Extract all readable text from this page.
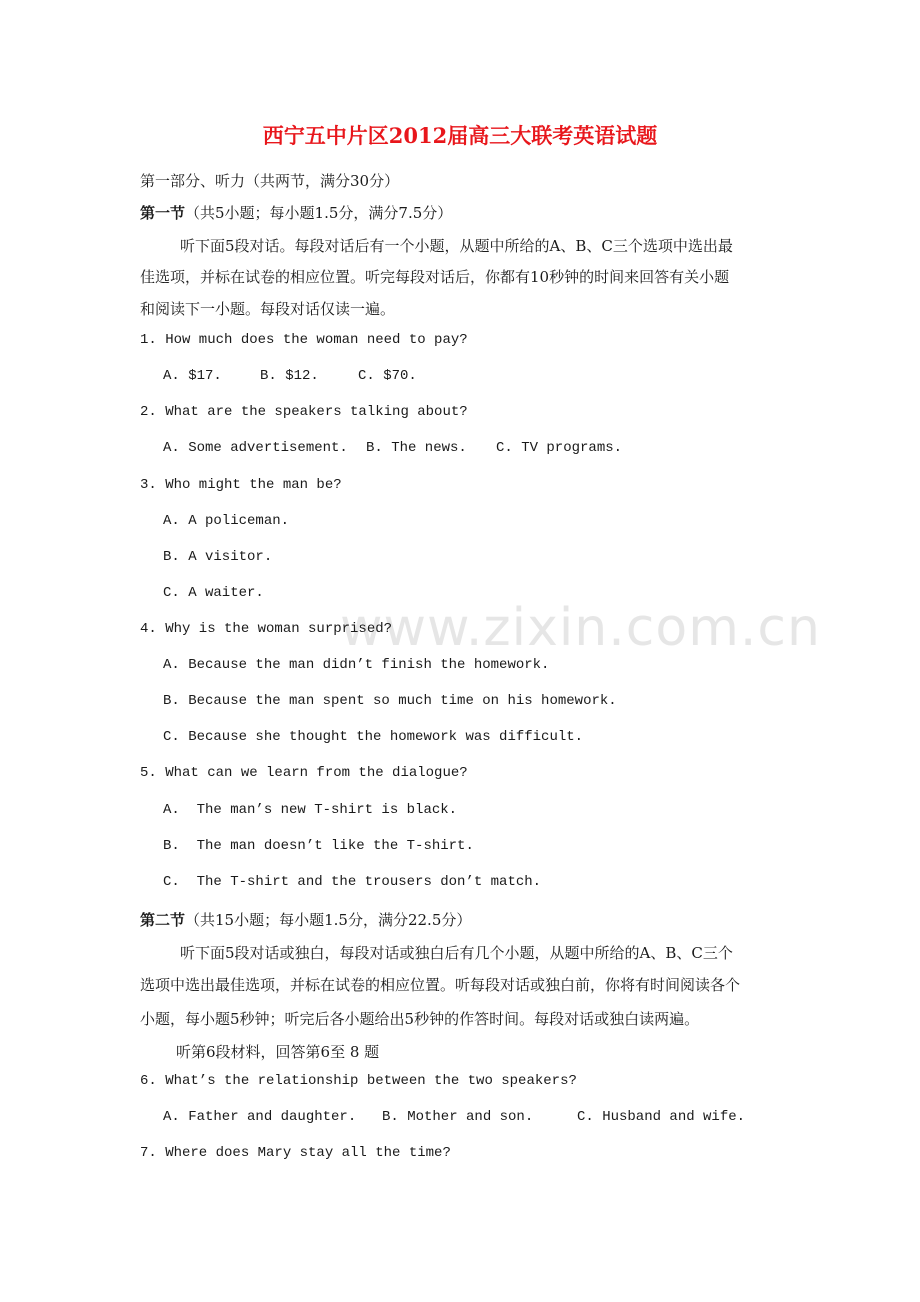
www.zixin.com.cn
西宁五中片区2012届高三大联考英语试题
第一部分、听力（共两节，满分30分）
第一节（共5小题；每小题1.5分，满分7.5分）
听下面5段对话。每段对话后有一个小题，从题中所给的A、B、C三个选项中选出最
佳选项，并标在试卷的相应位置。听完每段对话后，你都有10秒钟的时间来回答有关小题
和阅读下一小题。每段对话仅读一遍。
1. How much does the woman need to pay?
A. $17.	B. $12.	C. $70.
2. What are the speakers talking about?
A. Some advertisement. B. The news. C. TV programs.
3. Who might the man be?
A. A policeman.
B. A visitor.
C. A waiter.
4. Why is the woman surprised?
A. Because the man didn’t finish the homework.
B. Because the man spent so much time on his homework.
C. Because she thought the homework was difficult.
5. What can we learn from the dialogue?
A.  The man’s new T-shirt is black.
B.  The man doesn’t like the T-shirt.
C.  The T-shirt and the trousers don’t match.
第二节（共15小题；每小题1.5分，满分22.5分）
听下面5段对话或独白，每段对话或独白后有几个小题，从题中所给的A、B、C三个
选项中选出最佳选项，并标在试卷的相应位置。听每段对话或独白前，你将有时间阅读各个
小题，每小题5秒钟；听完后各小题给出5秒钟的作答时间。每段对话或独白读两遍。
听第6段材料，回答第6至 8 题
6. What’s the relationship between the two speakers?
A. Father and daughter. B. Mother and son.	C. Husband and wife.
7. Where does Mary stay all the time?
